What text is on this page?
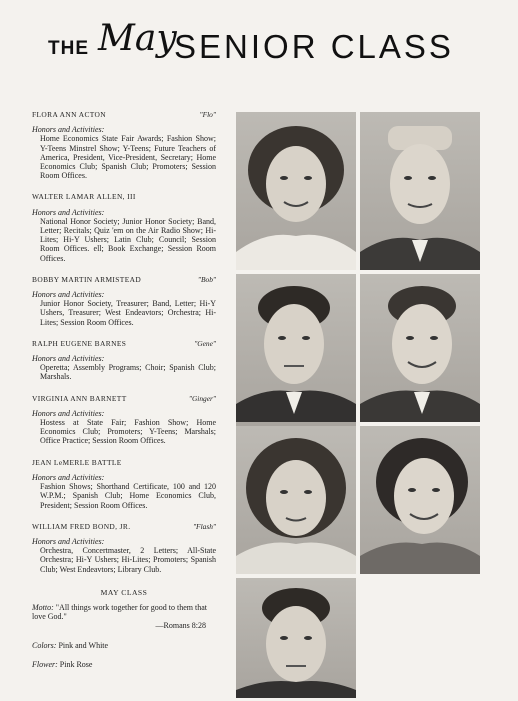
THE May
SENIOR CLASS
FLORA ANN ACTON	"Flo"
Honors and Activities:
Home Economics State Fair Awards; Fashion Show; Y-Teens Minstrel Show; Y-Teens; Future Teachers of America, President, Vice-President, Secretary; Home Economics Club; Spanish Club; Promoters; Session Room Offices.
WALTER LAMAR ALLEN, III
Honors and Activities:
National Honor Society; Junior Honor Society; Band, Letter; Recitals; Quiz 'em on the Air Radio Show; Hi-Lites; Hi-Y Ushers; Latin Club; Council; Session Room Offices. ell; Book Exchange; Session Room Offices.
BOBBY MARTIN ARMISTEAD	"Bob"
Honors and Activities:
Junior Honor Society, Treasurer; Band, Letter; Hi-Y Ushers, Treasurer; West Endeavtors; Orchestra; Hi-Lites; Session Room Offices.
RALPH EUGENE BARNES	"Gene"
Honors and Activities:
Operetta; Assembly Programs; Choir; Spanish Club; Marshals.
VIRGINIA ANN BARNETT	"Ginger"
Honors and Activities:
Hostess at State Fair; Fashion Show; Home Economics Club; Promoters; Y-Teens; Marshals; Office Practice; Session Room Offices.
JEAN LeMERLE BATTLE
Honors and Activities:
Fashion Shows; Shorthand Certificate, 100 and 120 W.P.M.; Spanish Club; Home Economics Club, President; Session Room Offices.
WILLIAM FRED BOND, JR.	"Flash"
Honors and Activities:
Orchestra, Concertmaster, 2 Letters; All-State Orchestra; Hi-Y Ushers; Hi-Lites; Promoters; Spanish Club; West Endeavtors; Library Club.
MAY CLASS
Motto: "All things work together for good to them that love God."
—Romans 8:28
Colors: Pink and White
Flower: Pink Rose
